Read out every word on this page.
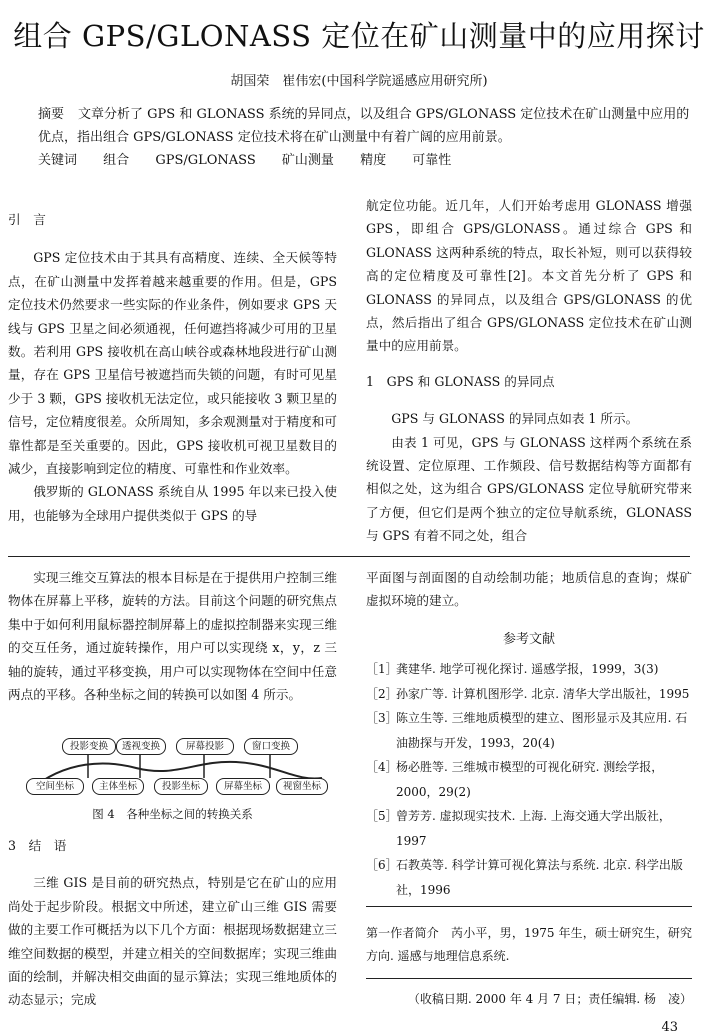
组合 GPS/GLONASS 定位在矿山测量中的应用探讨
胡国荣　崔伟宏(中国科学院遥感应用研究所)
摘要 文章分析了 GPS 和 GLONASS 系统的异同点，以及组合 GPS/GLONASS 定位技术在矿山测量中应用的优点，指出组合 GPS/GLONASS 定位技术将在矿山测量中有着广阔的应用前景。
关键词 组合 GPS/GLONASS 矿山测量 精度 可靠性

引　言

GPS 定位技术由于其具有高精度、连续、全天候等特点，在矿山测量中发挥着越来越重要的作用。但是，GPS 定位技术仍然要求一些实际的作业条件，例如要求 GPS 天线与 GPS 卫星之间必须通视，任何遮挡将减少可用的卫星数。若利用 GPS 接收机在高山峡谷或森林地段进行矿山测量，存在 GPS 卫星信号被遮挡而失锁的问题，有时可见星少于 3 颗，GPS 接收机无法定位，或只能接收 3 颗卫星的信号，定位精度很差。众所周知，多余观测量对于精度和可靠性都是至关重要的。因此，GPS 接收机可视卫星数目的减少，直接影响到定位的精度、可靠性和作业效率。

俄罗斯的 GLONASS 系统自从 1995 年以来已投入使用，也能够为全球用户提供类似于 GPS 的导

航定位功能。近几年，人们开始考虑用 GLONASS 增强 GPS，即组合 GPS/GLONASS。通过综合 GPS 和 GLONASS 这两种系统的特点，取长补短，则可以获得较高的定位精度及可靠性[2]。本文首先分析了 GPS 和 GLONASS 的异同点，以及组合 GPS/GLONASS 的优点，然后指出了组合 GPS/GLONASS 定位技术在矿山测量中的应用前景。

1　GPS 和 GLONASS 的异同点

GPS 与 GLONASS 的异同点如表 1 所示。

由表 1 可见，GPS 与 GLONASS 这样两个系统在系统设置、定位原理、工作频段、信号数据结构等方面都有相似之处，这为组合 GPS/GLONASS 定位导航研究带来了方便，但它们是两个独立的定位导航系统，GLONASS 与 GPS 有着不同之处，组合

实现三维交互算法的根本目标是在于提供用户控制三维物体在屏幕上平移，旋转的方法。目前这个问题的研究焦点集中于如何利用鼠标器控制屏幕上的虚拟控制器来实现三维的交互任务，通过旋转操作，用户可以实现绕 x，y，z 三轴的旋转，通过平移变换，用户可以实现物体在空间中任意两点的平移。各种坐标之间的转换可以如图 4 所示。

投影变换	透视变换	屏幕投影	窗口变换
空间坐标	主体坐标	投影坐标	屏幕坐标	视窗坐标
图 4　各种坐标之间的转换关系

3　结　语

三维 GIS 是目前的研究热点，特别是它在矿山的应用尚处于起步阶段。根据文中所述，建立矿山三维 GIS 需要做的主要工作可概括为以下几个方面：根据现场数据建立三维空间数据的模型，并建立相关的空间数据库；实现三维曲面的绘制，并解决相交曲面的显示算法；实现三维地质体的动态显示；完成

平面图与剖面图的自动绘制功能；地质信息的查询；煤矿虚拟环境的建立。

参考文献
［1］
龚建华. 地学可视化探讨. 遥感学报，1999，3(3)
［2］
孙家广等. 计算机图形学. 北京. 清华大学出版社，1995
［3］
陈立生等. 三维地质模型的建立、图形显示及其应用. 石油勘探与开发，1993，20(4)
［4］
杨必胜等. 三维城市模型的可视化研究. 测绘学报，2000，29(2)
［5］
曾芳芳. 虚拟现实技术. 上海. 上海交通大学出版社，1997
［6］
石教英等. 科学计算可视化算法与系统. 北京. 科学出版社，1996
第一作者简介　芮小平，男，1975 年生，硕士研究生，研究方向. 遥感与地理信息系统.
（收稿日期. 2000 年 4 月 7 日；责任编辑. 杨　凌）
43
